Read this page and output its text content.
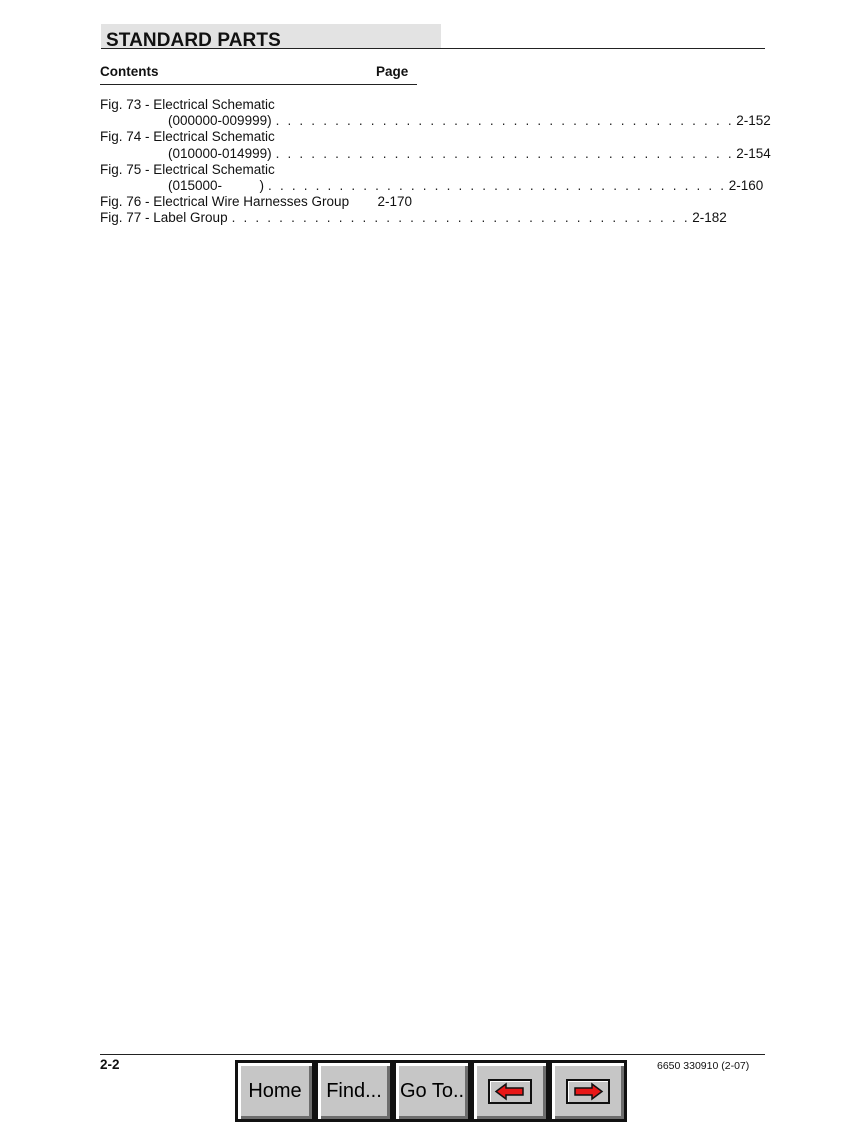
STANDARD PARTS
Contents	Page
Fig. 73 - Electrical Schematic
(000000-009999) . . . . . . . . . . . . . . . . . . . . . . . . . . . . . . . . . . . . . . . 2-152
Fig. 74 - Electrical Schematic
(010000-014999) . . . . . . . . . . . . . . . . . . . . . . . . . . . . . . . . . . . . . . . 2-154
Fig. 75 - Electrical Schematic
(015000-          ) . . . . . . . . . . . . . . . . . . . . . . . . . . . . . . . . . . . . . . . 2-160
Fig. 76 - Electrical Wire Harnesses Group 2-170
Fig. 77 - Label Group . . . . . . . . . . . . . . . . . . . . . . . . . . . . . . . . . . . . . . . 2-182
2-2	6650 330910 (2-07)
Home	Find... Go To..
